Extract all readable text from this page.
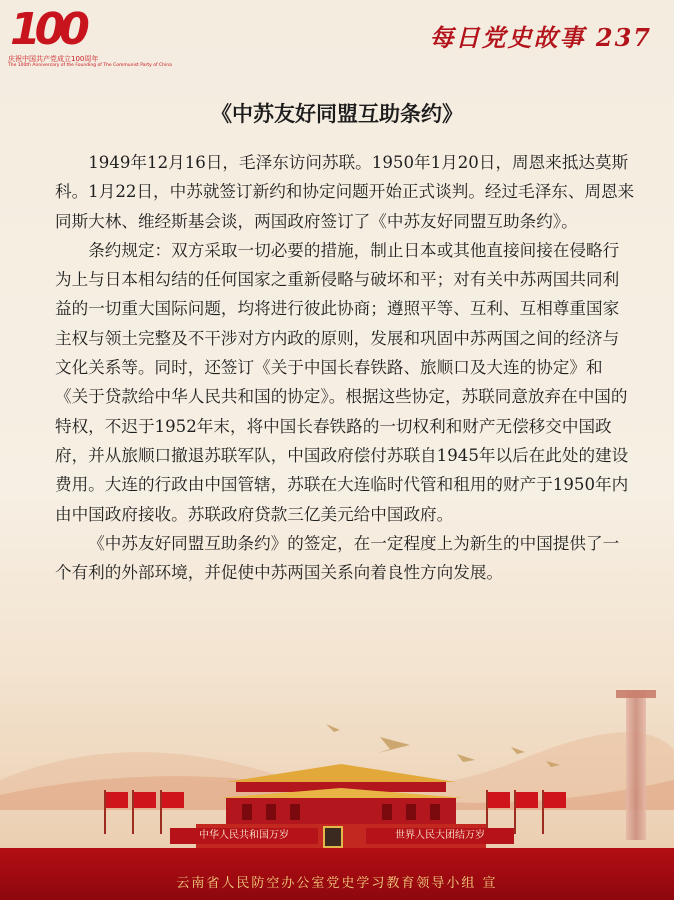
100
庆祝中国共产党成立100周年
The 100th Anniversary of the Founding of The Communist Party of China
每日党史故事 237
《中苏友好同盟互助条约》

1949年12月16日，毛泽东访问苏联。1950年1月20日，周恩来抵达莫斯科。1月22日，中苏就签订新约和协定问题开始正式谈判。经过毛泽东、周恩来同斯大林、维经斯基会谈，两国政府签订了《中苏友好同盟互助条约》。

条约规定：双方采取一切必要的措施，制止日本或其他直接间接在侵略行为上与日本相勾结的任何国家之重新侵略与破坏和平；对有关中苏两国共同利益的一切重大国际问题，均将进行彼此协商；遵照平等、互利、互相尊重国家主权与领土完整及不干涉对方内政的原则，发展和巩固中苏两国之间的经济与文化关系等。同时，还签订《关于中国长春铁路、旅顺口及大连的协定》和《关于贷款给中华人民共和国的协定》。根据这些协定，苏联同意放弃在中国的特权，不迟于1952年末，将中国长春铁路的一切权利和财产无偿移交中国政府，并从旅顺口撤退苏联军队，中国政府偿付苏联自1945年以后在此处的建设费用。大连的行政由中国管辖，苏联在大连临时代管和租用的财产于1950年内由中国政府接收。苏联政府贷款三亿美元给中国政府。

《中苏友好同盟互助条约》的签定，在一定程度上为新生的中国提供了一个有利的外部环境，并促使中苏两国关系向着良性方向发展。

中华人民共和国万岁	世界人民大团结万岁
云南省人民防空办公室党史学习教育领导小组 宣
